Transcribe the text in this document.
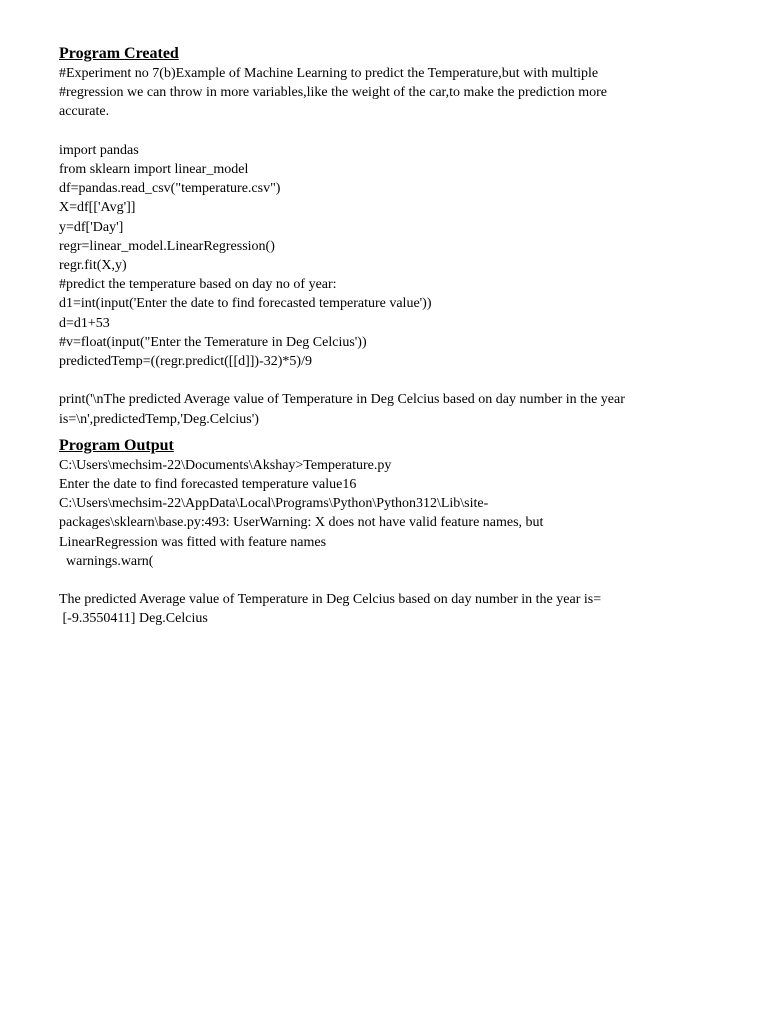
Program Created

#Experiment no 7(b)Example of Machine Learning to predict the Temperature,but with multiple

#regression we can throw in more variables,like the weight of the car,to make the prediction more

accurate.

import pandas

from sklearn import linear_model

df=pandas.read_csv("temperature.csv")

X=df[['Avg']]

y=df['Day']

regr=linear_model.LinearRegression()

regr.fit(X,y)

#predict the temperature based on day no of year:

d1=int(input('Enter the date to find forecasted temperature value'))

d=d1+53

#v=float(input("Enter the Temerature in Deg Celcius'))

predictedTemp=((regr.predict([[d]])-32)*5)/9

print('\nThe predicted Average value of Temperature in Deg Celcius based on day number in the year

is=\n',predictedTemp,'Deg.Celcius')

Program Output

C:\Users\mechsim-22\Documents\Akshay>Temperature.py

Enter the date to find forecasted temperature value16

C:\Users\mechsim-22\AppData\Local\Programs\Python\Python312\Lib\site-

packages\sklearn\base.py:493: UserWarning: X does not have valid feature names, but

LinearRegression was fitted with feature names

warnings.warn(

The predicted Average value of Temperature in Deg Celcius based on day number in the year is=

[-9.3550411] Deg.Celcius
